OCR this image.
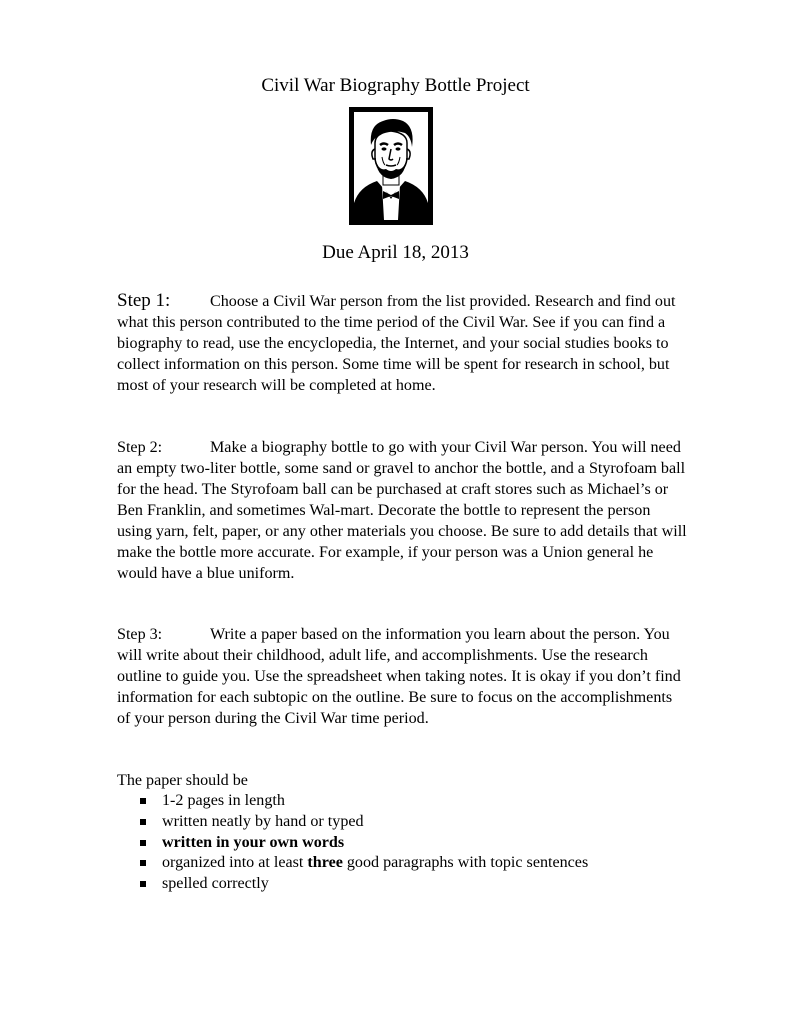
Civil War Biography Bottle Project
Due April 18, 2013

Step 1: Choose a Civil War person from the list provided. Research and find out what this person contributed to the time period of the Civil War. See if you can find a biography to read, use the encyclopedia, the Internet, and your social studies books to collect information on this person. Some time will be spent for research in school, but most of your research will be completed at home.

Step 2:	Make a biography bottle to go with your Civil War person. You will need an empty two-liter bottle, some sand or gravel to anchor the bottle, and a Styrofoam ball for the head. The Styrofoam ball can be purchased at craft stores such as Michael’s or Ben Franklin, and sometimes Wal-mart. Decorate the bottle to represent the person using yarn, felt, paper, or any other materials you choose. Be sure to add details that will make the bottle more accurate. For example, if your person was a Union general he would have a blue uniform.

Step 3:	Write a paper based on the information you learn about the person. You will write about their childhood, adult life, and accomplishments. Use the research outline to guide you. Use the spreadsheet when taking notes. It is okay if you don’t find information for each subtopic on the outline. Be sure to focus on the accomplishments of your person during the Civil War time period.

The paper should be

1-2 pages in length
written neatly by hand or typed
written in your own words
organized into at least three good paragraphs with topic sentences
spelled correctly
